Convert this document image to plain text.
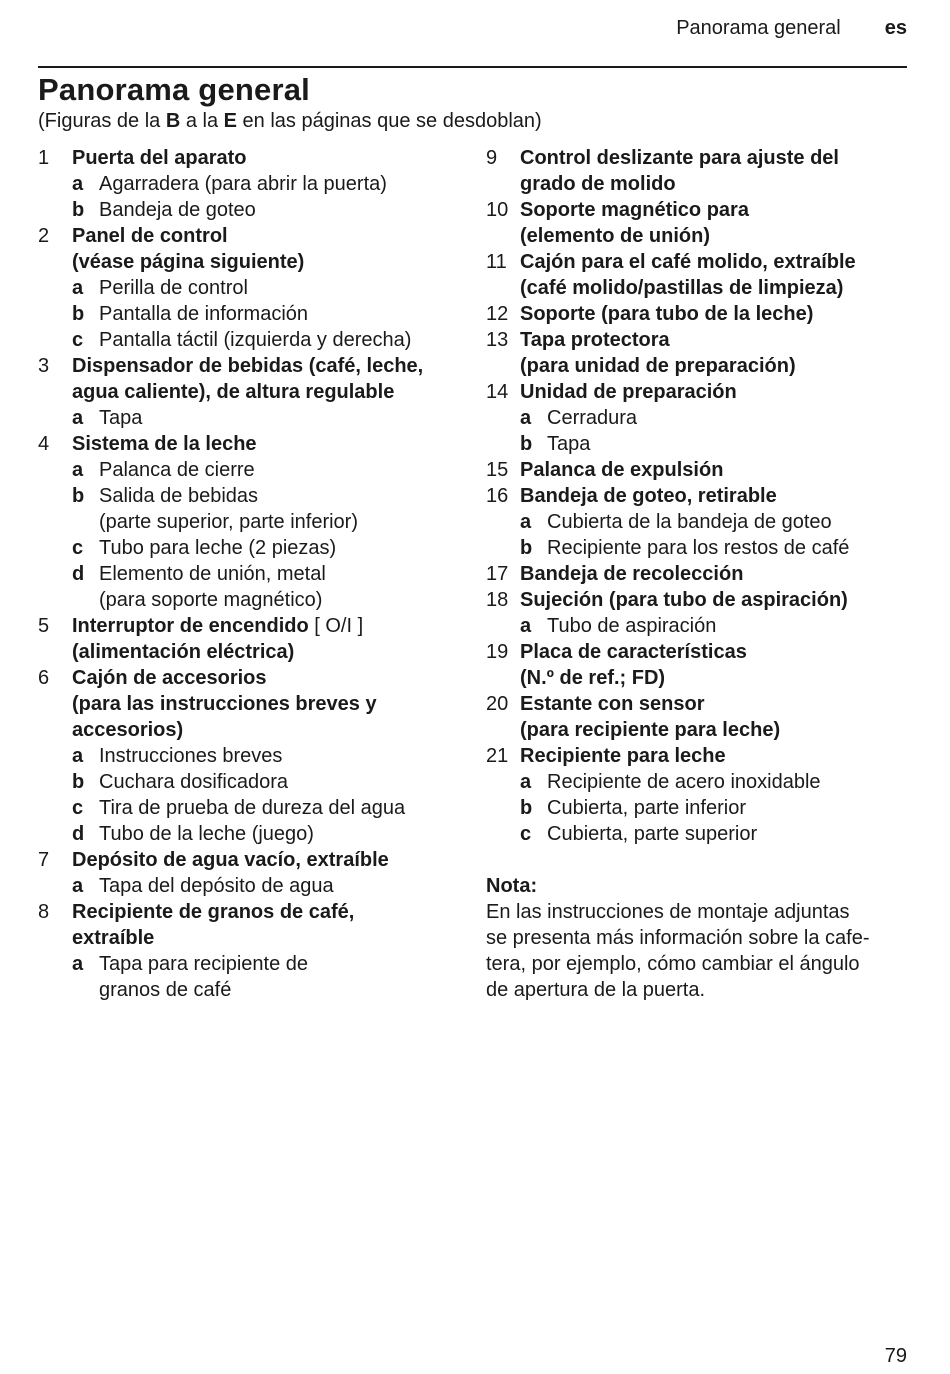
Panorama general es
Panorama general

(Figuras de la B a la E en las páginas que se desdoblan)

1	Puerta del aparato
a Agarradera (para abrir la puerta)
b Bandeja de goteo
2	Panel de control
(véase página siguiente)
a Perilla de control
b Pantalla de información
c Pantalla táctil (izquierda y derecha)
3	Dispensador de bebidas (café, leche,
agua caliente), de altura regulable
a Tapa
4	Sistema de la leche
a Palanca de cierre
b Salida de bebidas
(parte superior, parte inferior)
c Tubo para leche (2 piezas)
d Elemento de unión, metal
(para soporte magnético)
5	Interruptor de encendido [ O/I ]
(alimentación eléctrica)
6	Cajón de accesorios
(para las instrucciones breves y
accesorios)
a Instrucciones breves
b Cuchara dosificadora
c Tira de prueba de dureza del agua
d Tubo de la leche (juego)
7	Depósito de agua vacío, extraíble
a Tapa del depósito de agua
8	Recipiente de granos de café,
extraíble
a Tapa para recipiente de
granos de café
9	Control deslizante para ajuste del
grado de molido
10 Soporte magnético para
(elemento de unión)
11 Cajón para el café molido, extraíble
(café molido/pastillas de limpieza)
12 Soporte (para tubo de la leche)
13 Tapa protectora
(para unidad de preparación)
14 Unidad de preparación
a Cerradura
b Tapa
15 Palanca de expulsión
16 Bandeja de goteo, retirable
a Cubierta de la bandeja de goteo
b Recipiente para los restos de café
17 Bandeja de recolección
18 Sujeción (para tubo de aspiración)
a Tubo de aspiración
19 Placa de características
(N.º de ref.; FD)
20 Estante con sensor
(para recipiente para leche)
21 Recipiente para leche
a Recipiente de acero inoxidable
b Cubierta, parte inferior
c Cubierta, parte superior
Nota:
En las instrucciones de montaje adjuntas
se presenta más información sobre la cafe-
tera, por ejemplo, cómo cambiar el ángulo
de apertura de la puerta.
79
